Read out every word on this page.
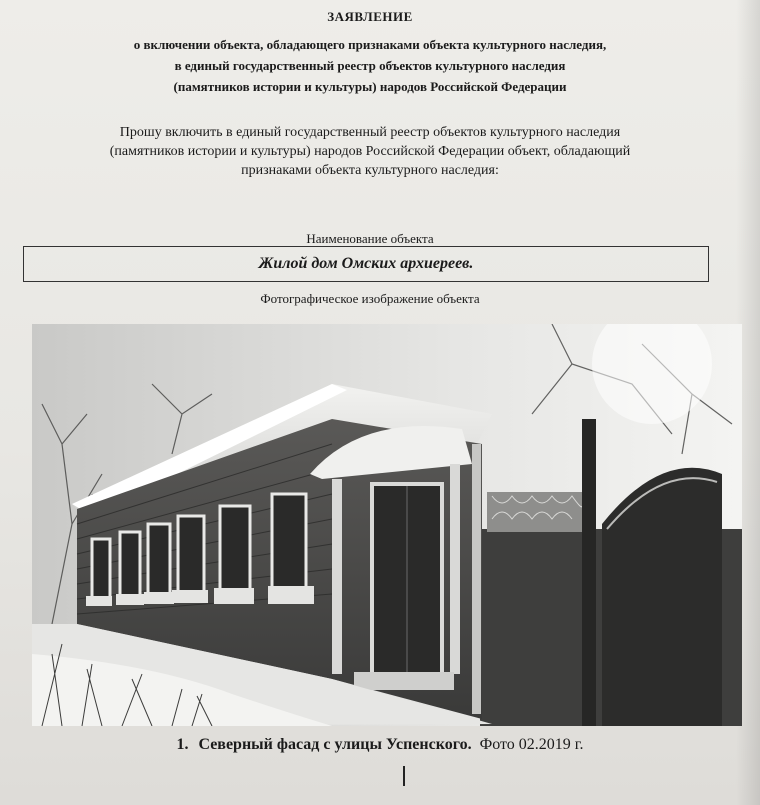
ЗАЯВЛЕНИЕ
о включении объекта, обладающего признаками объекта культурного наследия,
в единый государственный реестр объектов культурного наследия
(памятников истории и культуры) народов Российской Федерации
Прошу включить в единый государственный реестр объектов культурного наследия
(памятников истории и культуры) народов Российской Федерации объект, обладающий
признаками объекта культурного наследия:
Наименование объекта
Жилой дом Омских архиереев.
Фотографическое изображение объекта
1. Северный фасад с улицы Успенского. Фото 02.2019 г.
